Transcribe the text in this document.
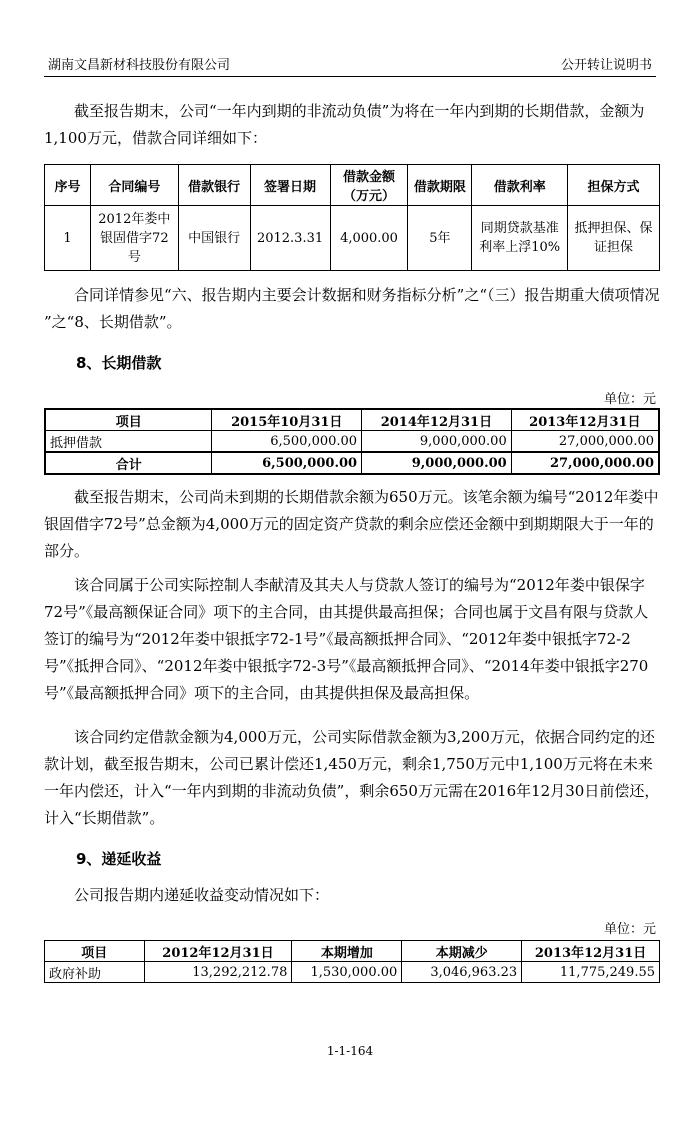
湖南文昌新材科技股份有限公司	公开转让说明书

截至报告期末，公司“一年内到期的非流动负债”为将在一年内到期的长期借款，金额为1,100万元，借款合同详细如下：

序号	合同编号	借款银行	签署日期	借款金额（万元）	借款期限	借款利率	担保方式
1	2012年娄中银固借字72号	中国银行	2012.3.31	4,000.00	5年	同期贷款基准利率上浮10%	抵押担保、保证担保

合同详情参见“六、报告期内主要会计数据和财务指标分析”之“（三）报告期重大债项情况 ”之“8、长期借款”。

8、长期借款
单位：元
项目	2015年10月31日	2014年12月31日	2013年12月31日
抵押借款	6,500,000.00	9,000,000.00	27,000,000.00
合计	6,500,000.00	9,000,000.00	27,000,000.00

截至报告期末，公司尚未到期的长期借款余额为650万元。该笔余额为编号“2012年娄中银固借字72号”总金额为4,000万元的固定资产贷款的剩余应偿还金额中到期期限大于一年的部分。

该合同属于公司实际控制人李献清及其夫人与贷款人签订的编号为“2012年娄中银保字72号”《最高额保证合同》项下的主合同，由其提供最高担保；合同也属于文昌有限与贷款人签订的编号为“2012年娄中银抵字72-1号”《最高额抵押合同》、“2012年娄中银抵字72-2号”《抵押合同》、“2012年娄中银抵字72-3号”《最高额抵押合同》、“2014年娄中银抵字270号”《最高额抵押合同》项下的主合同，由其提供担保及最高担保。

该合同约定借款金额为4,000万元，公司实际借款金额为3,200万元，依据合同约定的还款计划，截至报告期末，公司已累计偿还1,450万元，剩余1,750万元中1,100万元将在未来一年内偿还，计入“一年内到期的非流动负债”，剩余650万元需在2016年12月30日前偿还，计入“长期借款”。

9、递延收益

公司报告期内递延收益变动情况如下：

单位：元
项目	2012年12月31日	本期增加	本期减少	2013年12月31日
政府补助	13,292,212.78	1,530,000.00	3,046,963.23	11,775,249.55
1-1-164
